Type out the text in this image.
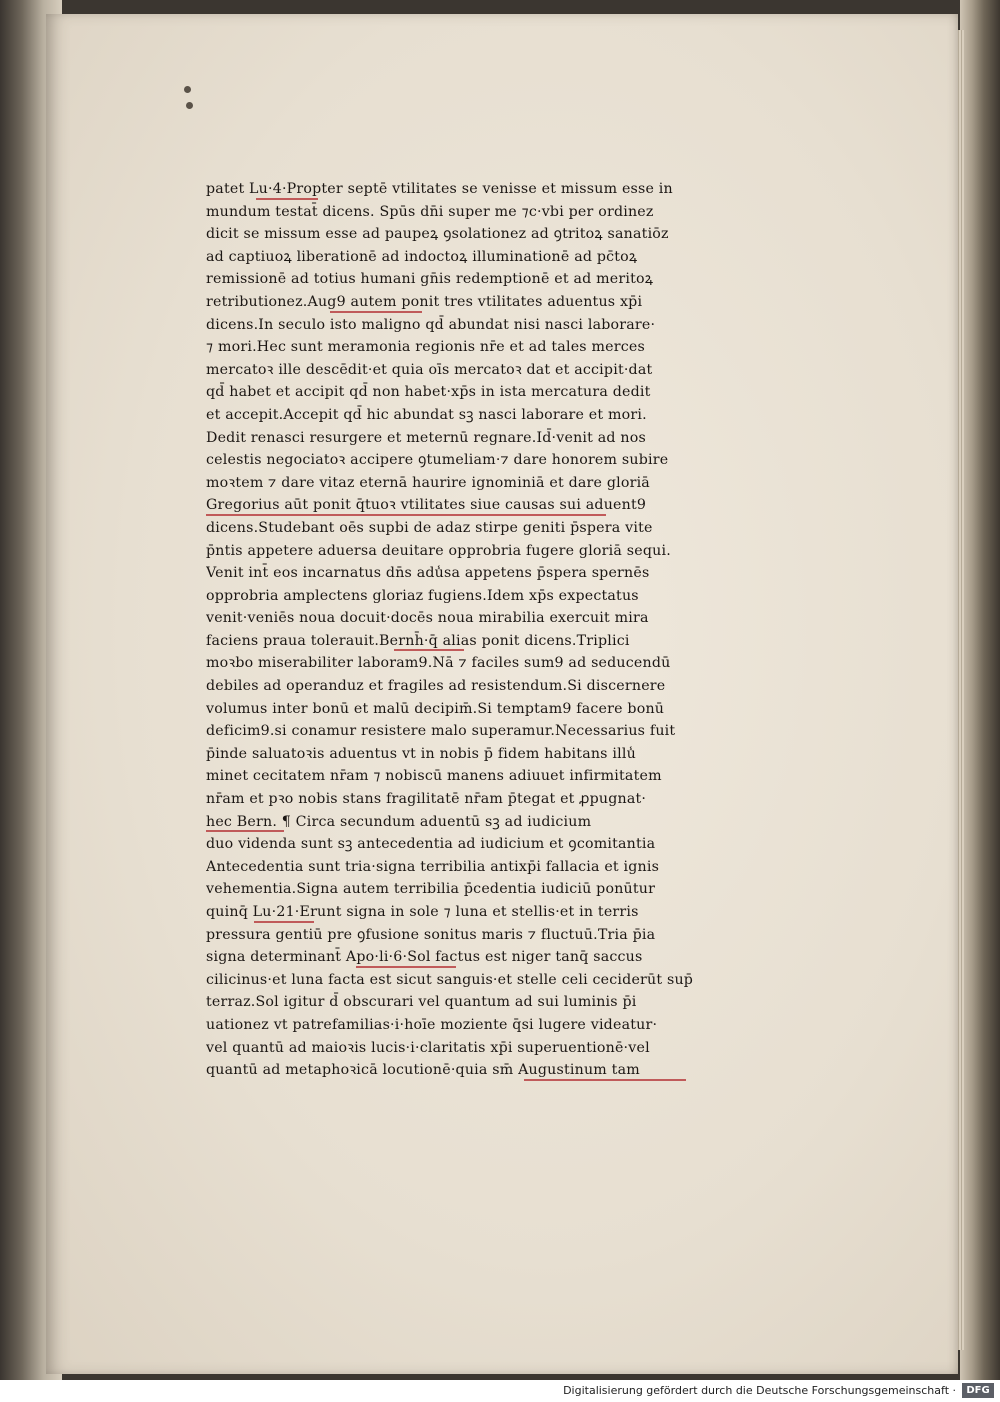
patet Lu·4·Propter septē vtilitates se venisse et missum esse in
mundum testat̄ dicens. Spūs dn̄i super me ⁊c·vbi per ordinez
dicit se missum esse ad paupeꝝ ꝯsolationez ad ꝯtritoꝝ sanatiōz
ad captiuoꝝ liberationē ad indoctoꝝ illuminationē ad pc̄toꝝ
remissionē ad totius humani gn̄is redemptionē et ad meritoꝝ
retributionez.Aug9 autem ponit tres vtilitates aduentus xp̄i
dicens.In seculo isto maligno qd̄ abundat nisi nasci laborare·
⁊ mori.Hec sunt meramonia regionis nr̄e et ad tales merces
mercatoꝛ ille descēdit·et quia oīs mercatoꝛ dat et accipit·dat
qd̄ habet et accipit qd̄ non habet·xp̄s in ista mercatura dedit
et accepit.Accepit qd̄ hic abundat sꝫ nasci laborare et mori.
Dedit renasci resurgere et meternū regnare.Id̄·venit ad nos
celestis negociatoꝛ accipere ꝯtumeliam·⁊ dare honorem subire
moꝛtem ⁊ dare vitaz eternā haurire ignominiā et dare gloriā
Gregorius aūt ponit q̄tuoꝛ vtilitates siue causas sui aduent9
dicens.Studebant oēs supbi de adaz stirpe geniti p̄spera vite
p̄ntis appetere aduersa deuitare opprobria fugere gloriā sequi.
Venit int̄ eos incarnatus dn̄s adu̾sa appetens p̄spera spernēs
opprobria amplectens gloriaz fugiens.Idem xp̄s expectatus
venit·veniēs noua docuit·docēs noua mirabilia exercuit mira
faciens praua tolerauit.Bernh̄·q̄ alias ponit dicens.Triplici
moꝛbo miserabiliter laboram9.Nā ⁊ faciles sum9 ad seducendū
debiles ad operanduz et fragiles ad resistendum.Si discernere
volumus inter bonū et malū decipim̄.Si temptam9 facere bonū
deficim9.si conamur resistere malo superamur.Necessarius fuit
p̄inde saluatoꝛis aduentus vt in nobis p̄ fidem habitans illu̾
minet cecitatem nr̄am ⁊ nobiscū manens adiuuet infirmitatem
nr̄am et pꝛo nobis stans fragilitatē nr̄am p̄tegat et ꝓpugnat·
hec Bern. ¶ Circa secundum aduentū sꝫ ad iudicium
duo videnda sunt sꝫ antecedentia ad iudicium et ꝯcomitantia
Antecedentia sunt tria·signa terribilia antixp̄i fallacia et ignis
vehementia.Signa autem terribilia p̄cedentia iudiciū ponūtur
quinq̄ Lu·21·Erunt signa in sole ⁊ luna et stellis·et in terris
pressura gentiū pre ꝯfusione sonitus maris ⁊ fluctuū.Tria p̄ia
signa determinant̄ Apo·li·6·Sol factus est niger tanq̄ saccus
cilicinus·et luna facta est sicut sanguis·et stelle celi ceciderūt sup̄
terraz.Sol igitur d̄ obscurari vel quantum ad sui luminis p̄i
uationez vt patrefamilias·i·hoīe moziente q̄si lugere videatur·
vel quantū ad maioꝛis lucis·i·claritatis xp̄i superuentionē·vel
quantū ad metaphoꝛicā locutionē·quia sm̄ Augustinum tam
Digitalisierung gefördert durch die Deutsche Forschungsgemeinschaft ·	DFG
